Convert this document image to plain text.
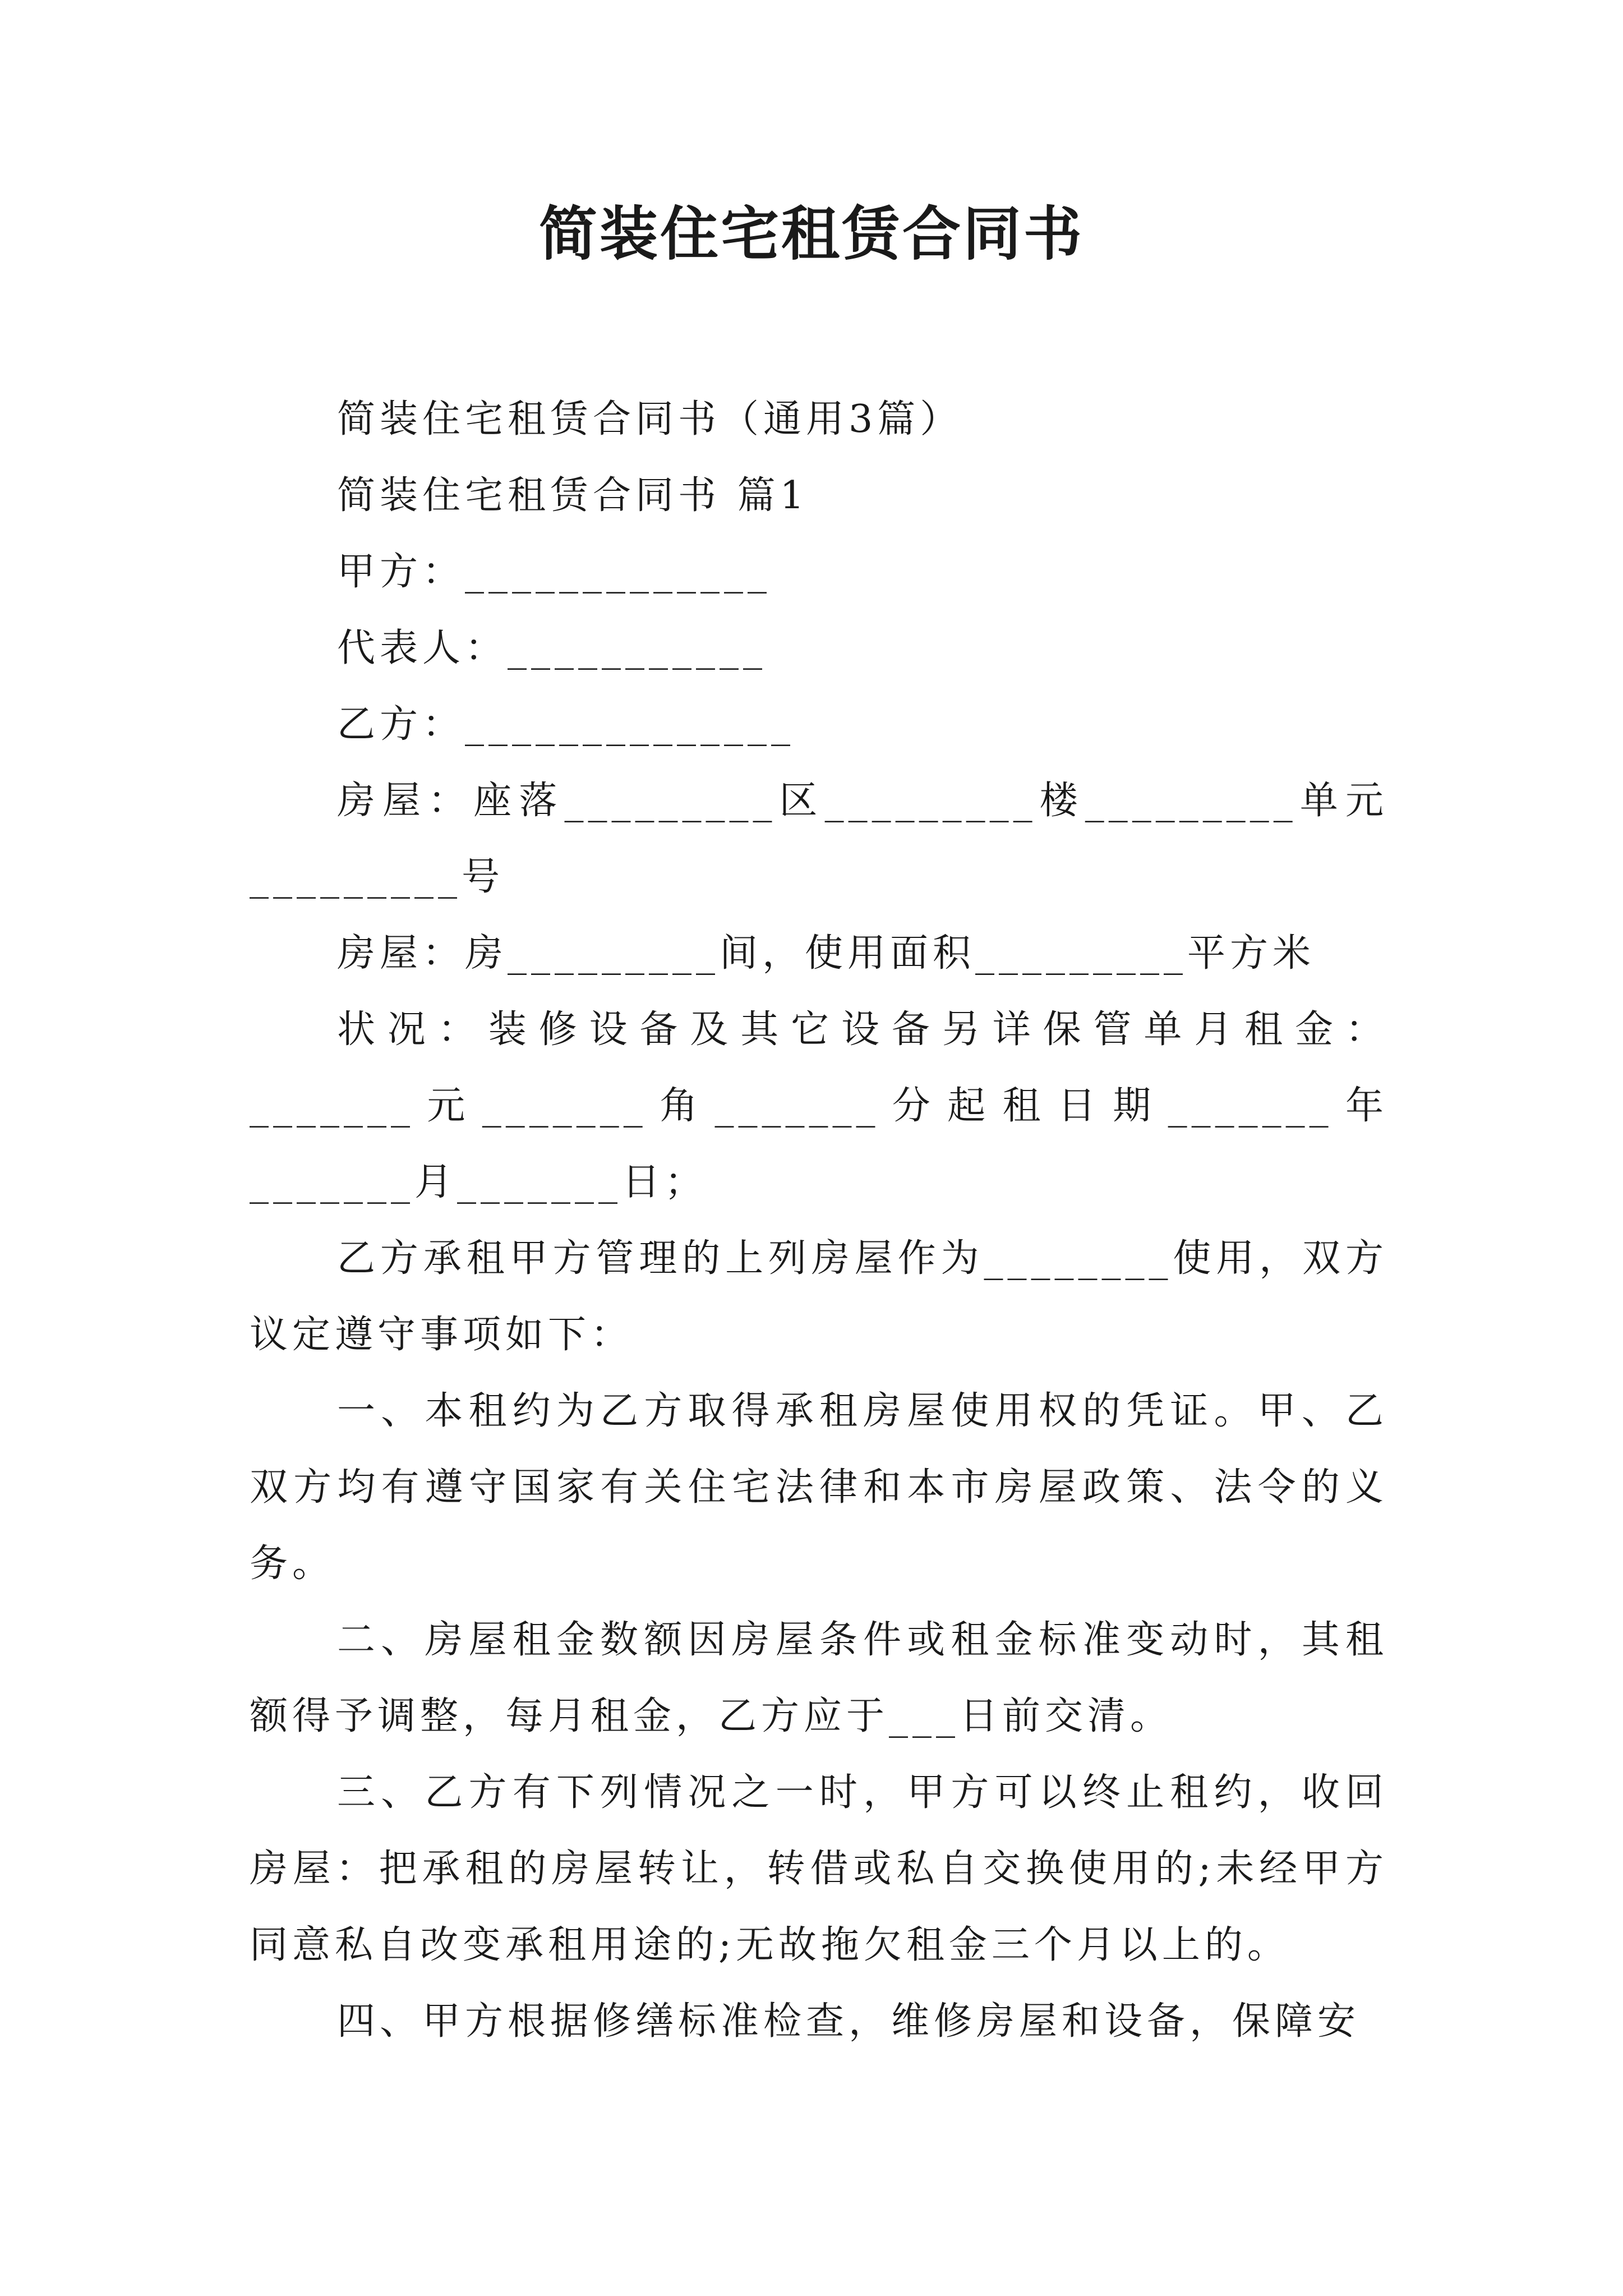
简装住宅租赁合同书

简装住宅租赁合同书（通用3篇）

简装住宅租赁合同书 篇1

甲方：_____________

代表人：___________

乙方：______________

房屋：座落_________区_________楼_________单元_________号

房屋：房_________间，使用面积_________平方米

状况：装修设备及其它设备另详保管单月租金：_______元_______角_______分起租日期_______年_______月_______日；

乙方承租甲方管理的上列房屋作为________使用，双方议定遵守事项如下：

一、本租约为乙方取得承租房屋使用权的凭证。甲、乙双方均有遵守国家有关住宅法律和本市房屋政策、法令的义务。

二、房屋租金数额因房屋条件或租金标准变动时，其租额得予调整，每月租金，乙方应于___日前交清。

三、乙方有下列情况之一时，甲方可以终止租约，收回房屋：把承租的房屋转让，转借或私自交换使用的;未经甲方同意私自改变承租用途的;无故拖欠租金三个月以上的。

四、甲方根据修缮标准检查，维修房屋和设备，保障安
